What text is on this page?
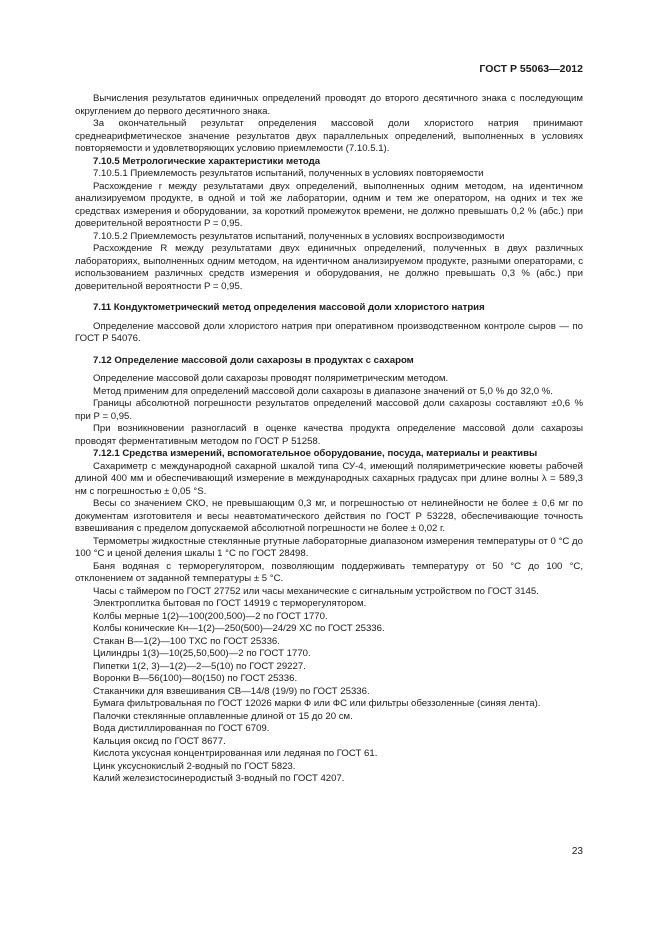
ГОСТ Р 55063—2012

Вычисления результатов единичных определений проводят до второго десятичного знака с последующим округлением до первого десятичного знака.

За окончательный результат определения массовой доли хлористого натрия принимают среднеарифметическое значение результатов двух параллельных определений, выполненных в условиях повторяемости и удовлетворяющих условию приемлемости (7.10.5.1).

7.10.5 Метрологические характеристики метода

7.10.5.1 Приемлемость результатов испытаний, полученных в условиях повторяемости

Расхождение r между результатами двух определений, выполненных одним методом, на идентичном анализируемом продукте, в одной и той же лаборатории, одним и тем же оператором, на одних и тех же средствах измерения и оборудовании, за короткий промежуток времени, не должно превышать 0,2 % (абс.) при доверительной вероятности P = 0,95.

7.10.5.2 Приемлемость результатов испытаний, полученных в условиях воспроизводимости

Расхождение R между результатами двух единичных определений, полученных в двух различных лабораториях, выполненных одним методом, на идентичном анализируемом продукте, разными операторами, с использованием различных средств измерения и оборудования, не должно превышать 0,3 % (абс.) при доверительной вероятности P = 0,95.

7.11 Кондуктометрический метод определения массовой доли хлористого натрия

Определение массовой доли хлористого натрия при оперативном производственном контроле сыров — по ГОСТ Р 54076.

7.12 Определение массовой доли сахарозы в продуктах с сахаром

Определение массовой доли сахарозы проводят поляриметрическим методом.

Метод применим для определений массовой доли сахарозы в диапазоне значений от 5,0 % до 32,0 %.

Границы абсолютной погрешности результатов определений массовой доли сахарозы составляют ±0,6 % при P = 0,95.

При возникновении разногласий в оценке качества продукта определение массовой доли сахарозы проводят ферментативным методом по ГОСТ Р 51258.

7.12.1 Средства измерений, вспомогательное оборудование, посуда, материалы и реактивы

Сахариметр с международной сахарной шкалой типа СУ-4, имеющий поляриметрические кюветы рабочей длиной 400 мм и обеспечивающий измерение в международных сахарных градусах при длине волны λ = 589,3 нм с погрешностью ± 0,05 °S.

Весы со значением СКО, не превышающим 0,3 мг, и погрешностью от нелинейности не более ± 0,6 мг по документам изготовителя и весы неавтоматического действия по ГОСТ Р 53228, обеспечивающие точность взвешивания с пределом допускаемой абсолютной погрешности не более ± 0,02 г.

Термометры жидкостные стеклянные ртутные лабораторные диапазоном измерения температуры от 0 °С до 100 °С и ценой деления шкалы 1 °С по ГОСТ 28498.

Баня водяная с терморегулятором, позволяющим поддерживать температуру от 50 °С до 100 °С, отклонением от заданной температуры ± 5 °С.

Часы с таймером по ГОСТ 27752 или часы механические с сигнальным устройством по ГОСТ 3145.

Электроплитка бытовая по ГОСТ 14919 с терморегулятором.

Колбы мерные 1(2)—100(200,500)—2 по ГОСТ 1770.

Колбы конические Кн—1(2)—250(500)—24/29 ХС по ГОСТ 25336.

Стакан В—1(2)—100 ТХС по ГОСТ 25336.

Цилиндры 1(3)—10(25,50,500)—2 по ГОСТ 1770.

Пипетки 1(2, 3)—1(2)—2—5(10) по ГОСТ 29227.

Воронки В—56(100)—80(150) по ГОСТ 25336.

Стаканчики для взвешивания СВ—14/8 (19/9) по ГОСТ 25336.

Бумага фильтровальная по ГОСТ 12026 марки Ф или ФС или фильтры обеззоленные (синяя лента).

Палочки стеклянные оплавленные длиной от 15 до 20 см.

Вода дистиллированная по ГОСТ 6709.

Кальция оксид по ГОСТ 8677.

Кислота уксусная концентрированная или ледяная по ГОСТ 61.

Цинк уксуснокислый 2-водный по ГОСТ 5823.

Калий железистосинеродистый 3-водный по ГОСТ 4207.

23
